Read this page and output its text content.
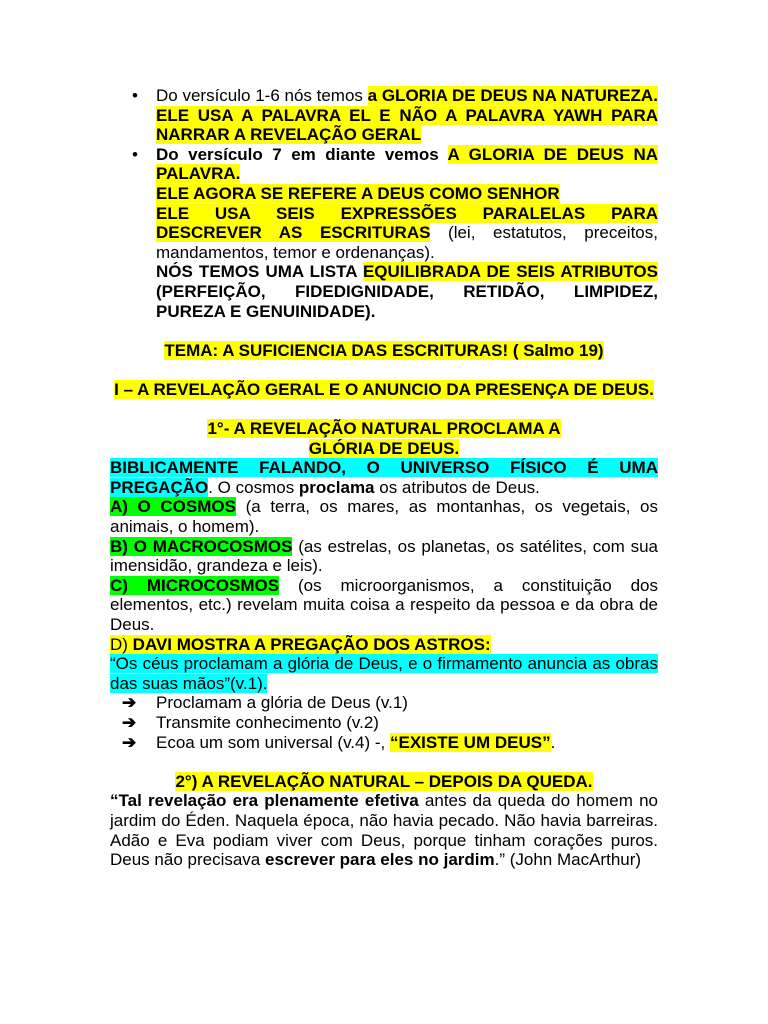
• Do versículo 1-6 nós temos a GLORIA DE DEUS NA NATUREZA.

ELE USA A PALAVRA EL E NÃO A PALAVRA YAWH PARA NARRAR A REVELAÇÃO GERAL

• Do versículo 7 em diante vemos A GLORIA DE DEUS NA PALAVRA.

ELE AGORA SE REFERE A DEUS COMO SENHOR

ELE USA SEIS EXPRESSÕES PARALELAS PARA DESCREVER AS ESCRITURAS (lei, estatutos, preceitos, mandamentos, temor e ordenanças).

NÓS TEMOS UMA LISTA EQUILIBRADA DE SEIS ATRIBUTOS (PERFEIÇÃO, FIDEDIGNIDADE, RETIDÃO, LIMPIDEZ, PUREZA E GENUINIDADE).

TEMA: A SUFICIENCIA DAS ESCRITURAS! ( Salmo 19)

I – A REVELAÇÃO GERAL E O ANUNCIO DA PRESENÇA DE DEUS.

1°- A REVELAÇÃO NATURAL PROCLAMA A GLÓRIA DE DEUS.

BIBLICAMENTE FALANDO, O UNIVERSO FÍSICO É UMA PREGAÇÃO. O cosmos proclama os atributos de Deus.

A) O COSMOS (a terra, os mares, as montanhas, os vegetais, os animais, o homem).

B) O MACROCOSMOS (as estrelas, os planetas, os satélites, com sua imensidão, grandeza e leis).

C) MICROCOSMOS (os microorganismos, a constituição dos elementos, etc.) revelam muita coisa a respeito da pessoa e da obra de Deus.

D) DAVI MOSTRA A PREGAÇÃO DOS ASTROS:

“Os céus proclamam a glória de Deus, e o firmamento anuncia as obras das suas mãos”(v.1).

➔ Proclamam a glória de Deus (v.1)
➔ Transmite conhecimento (v.2)
➔ Ecoa um som universal (v.4) -, “EXISTE UM DEUS”.

2°) A REVELAÇÃO NATURAL – DEPOIS DA QUEDA.

“Tal revelação era plenamente efetiva antes da queda do homem no jardim do Éden. Naquela época, não havia pecado. Não havia barreiras. Adão e Eva podiam viver com Deus, porque tinham corações puros. Deus não precisava escrever para eles no jardim.” (John MacArthur)
